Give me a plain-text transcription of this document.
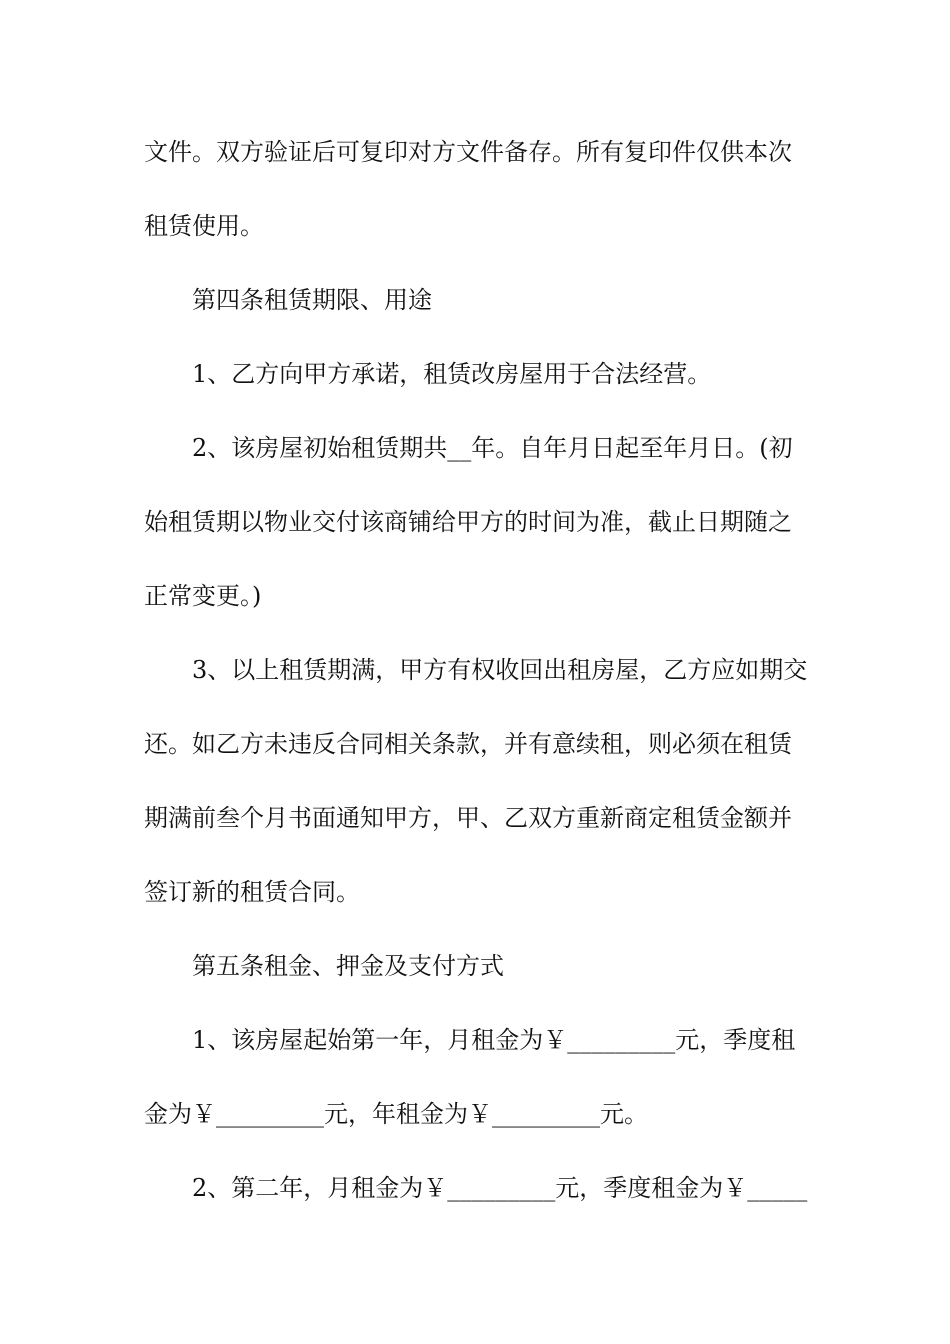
文件。双方验证后可复印对方文件备存。所有复印件仅供本次
租赁使用。
第四条租赁期限、用途
1、乙方向甲方承诺，租赁改房屋用于合法经营。
2、该房屋初始租赁期共__年。自年月日起至年月日。(初
始租赁期以物业交付该商铺给甲方的时间为准，截止日期随之
正常变更。)
3、以上租赁期满，甲方有权收回出租房屋，乙方应如期交
还。如乙方未违反合同相关条款，并有意续租，则必须在租赁
期满前叁个月书面通知甲方，甲、乙双方重新商定租赁金额并
签订新的租赁合同。
第五条租金、押金及支付方式
1、该房屋起始第一年，月租金为￥_________元，季度租
金为￥_________元，年租金为￥_________元。
2、第二年，月租金为￥_________元，季度租金为￥_____
